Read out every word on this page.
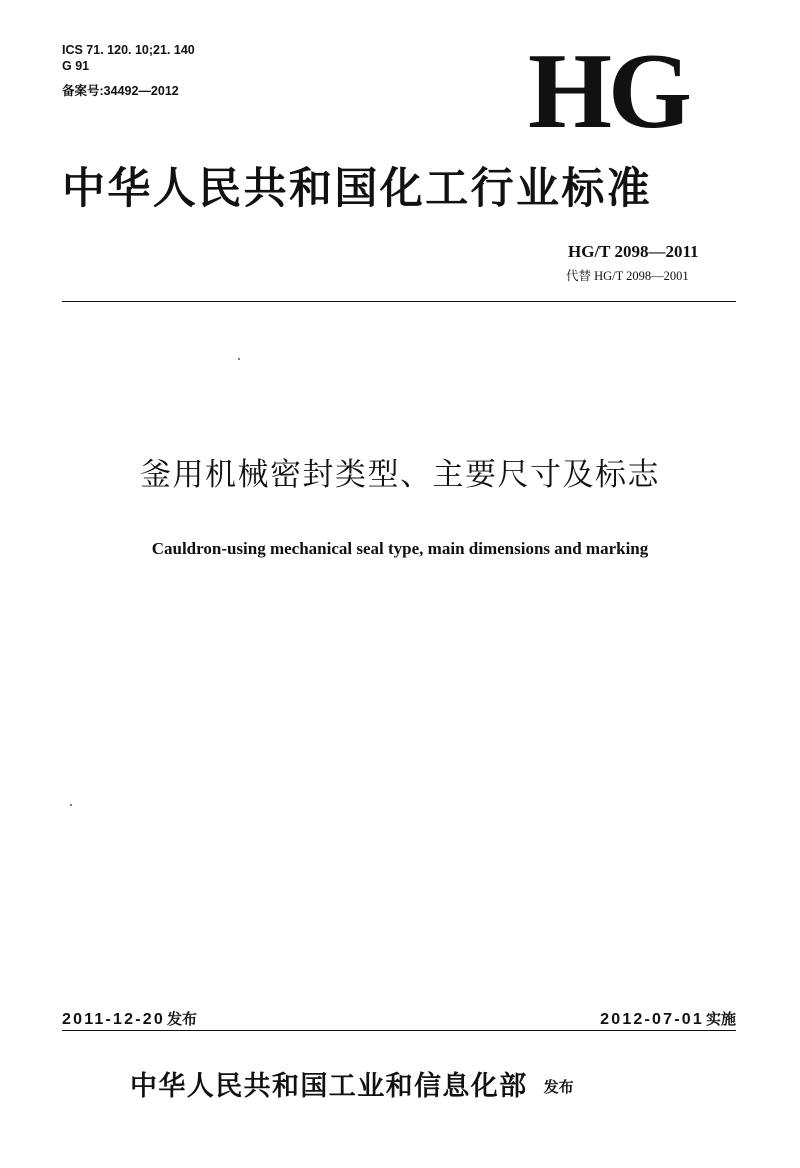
ICS 71. 120. 10;21. 140
G 91
备案号:34492—2012	HG
中华人民共和国化工行业标准
HG/T 2098—2011
代替 HG/T 2098—2001
釜用机械密封类型、主要尺寸及标志
Cauldron-using mechanical seal type, main dimensions and marking
2011-12-20 发布	2012-07-01 实施
中华人民共和国工业和信息化部 发布
